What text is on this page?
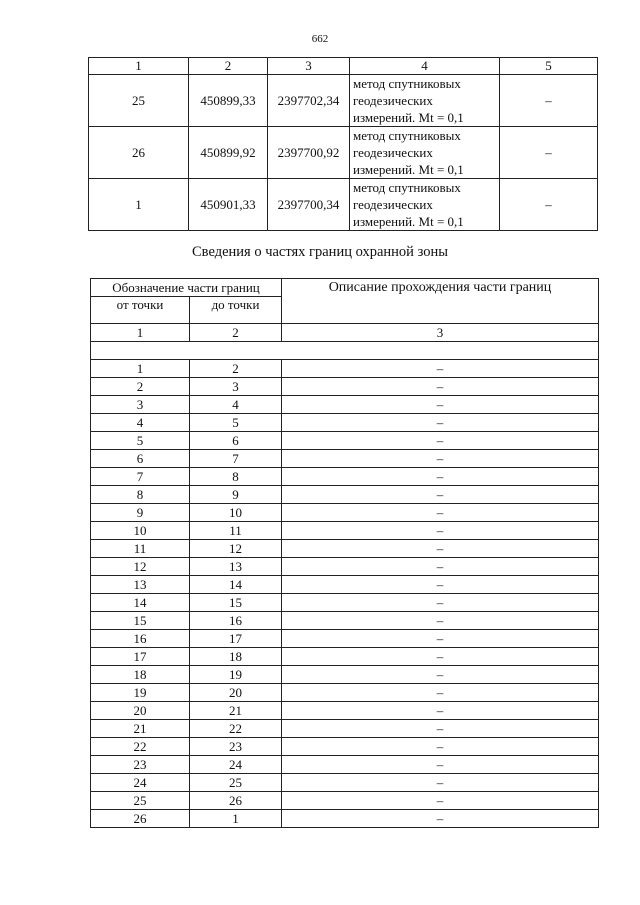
662
1	2	3	4	5
25	450899,33	2397702,34	метод спутниковых
геодезических
измерений. Mt = 0,1	–
26	450899,92	2397700,92	метод спутниковых
геодезических
измерений. Mt = 0,1	–
1	450901,33	2397700,34	метод спутниковых
геодезических
измерений. Mt = 0,1	–
Сведения о частях границ охранной зоны
Обозначение части границ		Описание прохождения части границ
от точки	до точки	
1	2	3

1	2	–
2	3	–
3	4	–
4	5	–
5	6	–
6	7	–
7	8	–
8	9	–
9	10	–
10	11	–
11	12	–
12	13	–
13	14	–
14	15	–
15	16	–
16	17	–
17	18	–
18	19	–
19	20	–
20	21	–
21	22	–
22	23	–
23	24	–
24	25	–
25	26	–
26	1	–
